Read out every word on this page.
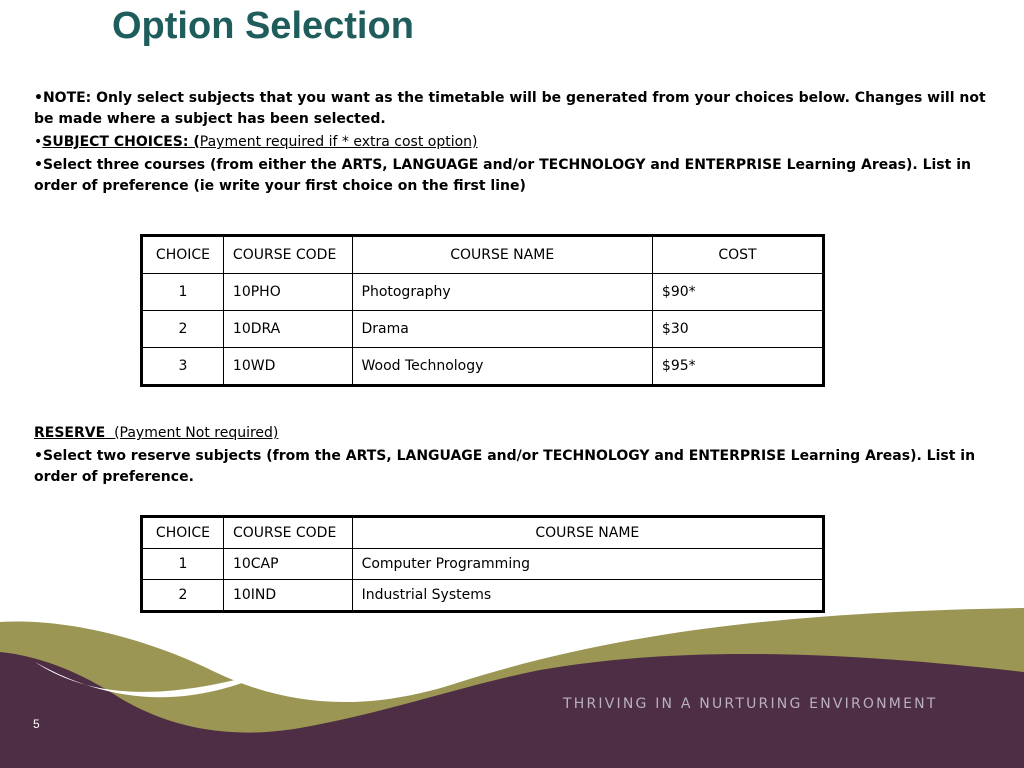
Option Selection

•NOTE: Only select subjects that you want as the timetable will be generated from your choices below. Changes will not be made where a subject has been selected.

•SUBJECT CHOICES: (Payment required if * extra cost option)

•Select three courses (from either the ARTS, LANGUAGE and/or TECHNOLOGY and ENTERPRISE Learning Areas). List in order of preference (ie write your first choice on the first line)

CHOICE	COURSE CODE	COURSE NAME	COST
1	10PHO	Photography	$90*
2	10DRA	Drama	$30
3	10WD	Wood Technology	$95*

RESERVE (Payment Not required)

•Select two reserve subjects (from the ARTS, LANGUAGE and/or TECHNOLOGY and ENTERPRISE Learning Areas). List in order of preference.

CHOICE	COURSE CODE	COURSE NAME
1	10CAP	Computer Programming
2	10IND	Industrial Systems
THRIVING IN A NURTURING ENVIRONMENT
5
